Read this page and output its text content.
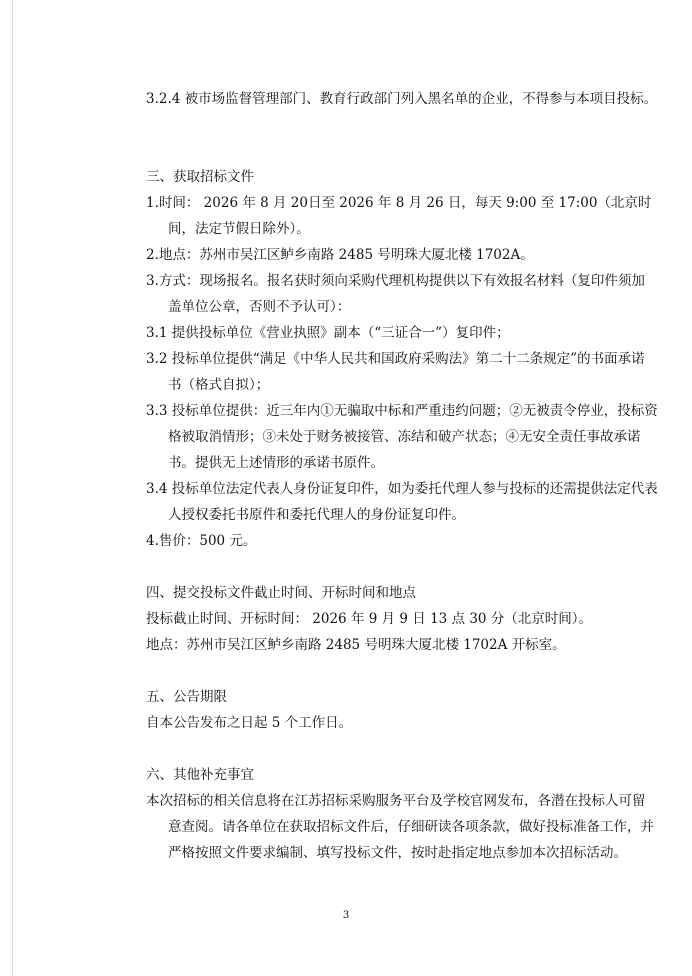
3.2.4 被市场监督管理部门、教育行政部门列入黑名单的企业，不得参与本项目投标。
三、获取招标文件
1.时间： 2026 年 8 月 20日至 2026 年 8 月 26 日，每天 9:00 至 17:00（北京时间，法定节假日除外）。
2.地点：苏州市吴江区鲈乡南路 2485 号明珠大厦北楼 1702A。
3.方式：现场报名。报名获时须向采购代理机构提供以下有效报名材料（复印件须加盖单位公章，否则不予认可）：
3.1 提供投标单位《营业执照》副本（“三证合一”）复印件；
3.2 投标单位提供“满足《中华人民共和国政府采购法》第二十二条规定”的书面承诺书（格式自拟）；
3.3 投标单位提供：近三年内①无骗取中标和严重违约问题；②无被责令停业，投标资格被取消情形；③未处于财务被接管、冻结和破产状态；④无安全责任事故承诺书。提供无上述情形的承诺书原件。
3.4 投标单位法定代表人身份证复印件，如为委托代理人参与投标的还需提供法定代表人授权委托书原件和委托代理人的身份证复印件。
4.售价：500 元。
四、提交投标文件截止时间、开标时间和地点
投标截止时间、开标时间： 2026 年 9 月 9 日 13 点 30 分（北京时间）。
地点：苏州市吴江区鲈乡南路 2485 号明珠大厦北楼 1702A 开标室。
五、公告期限
自本公告发布之日起 5 个工作日。
六、其他补充事宜
本次招标的相关信息将在江苏招标采购服务平台及学校官网发布，各潜在投标人可留意查阅。请各单位在获取招标文件后，仔细研读各项条款，做好投标准备工作，并严格按照文件要求编制、填写投标文件，按时赴指定地点参加本次招标活动。
3
